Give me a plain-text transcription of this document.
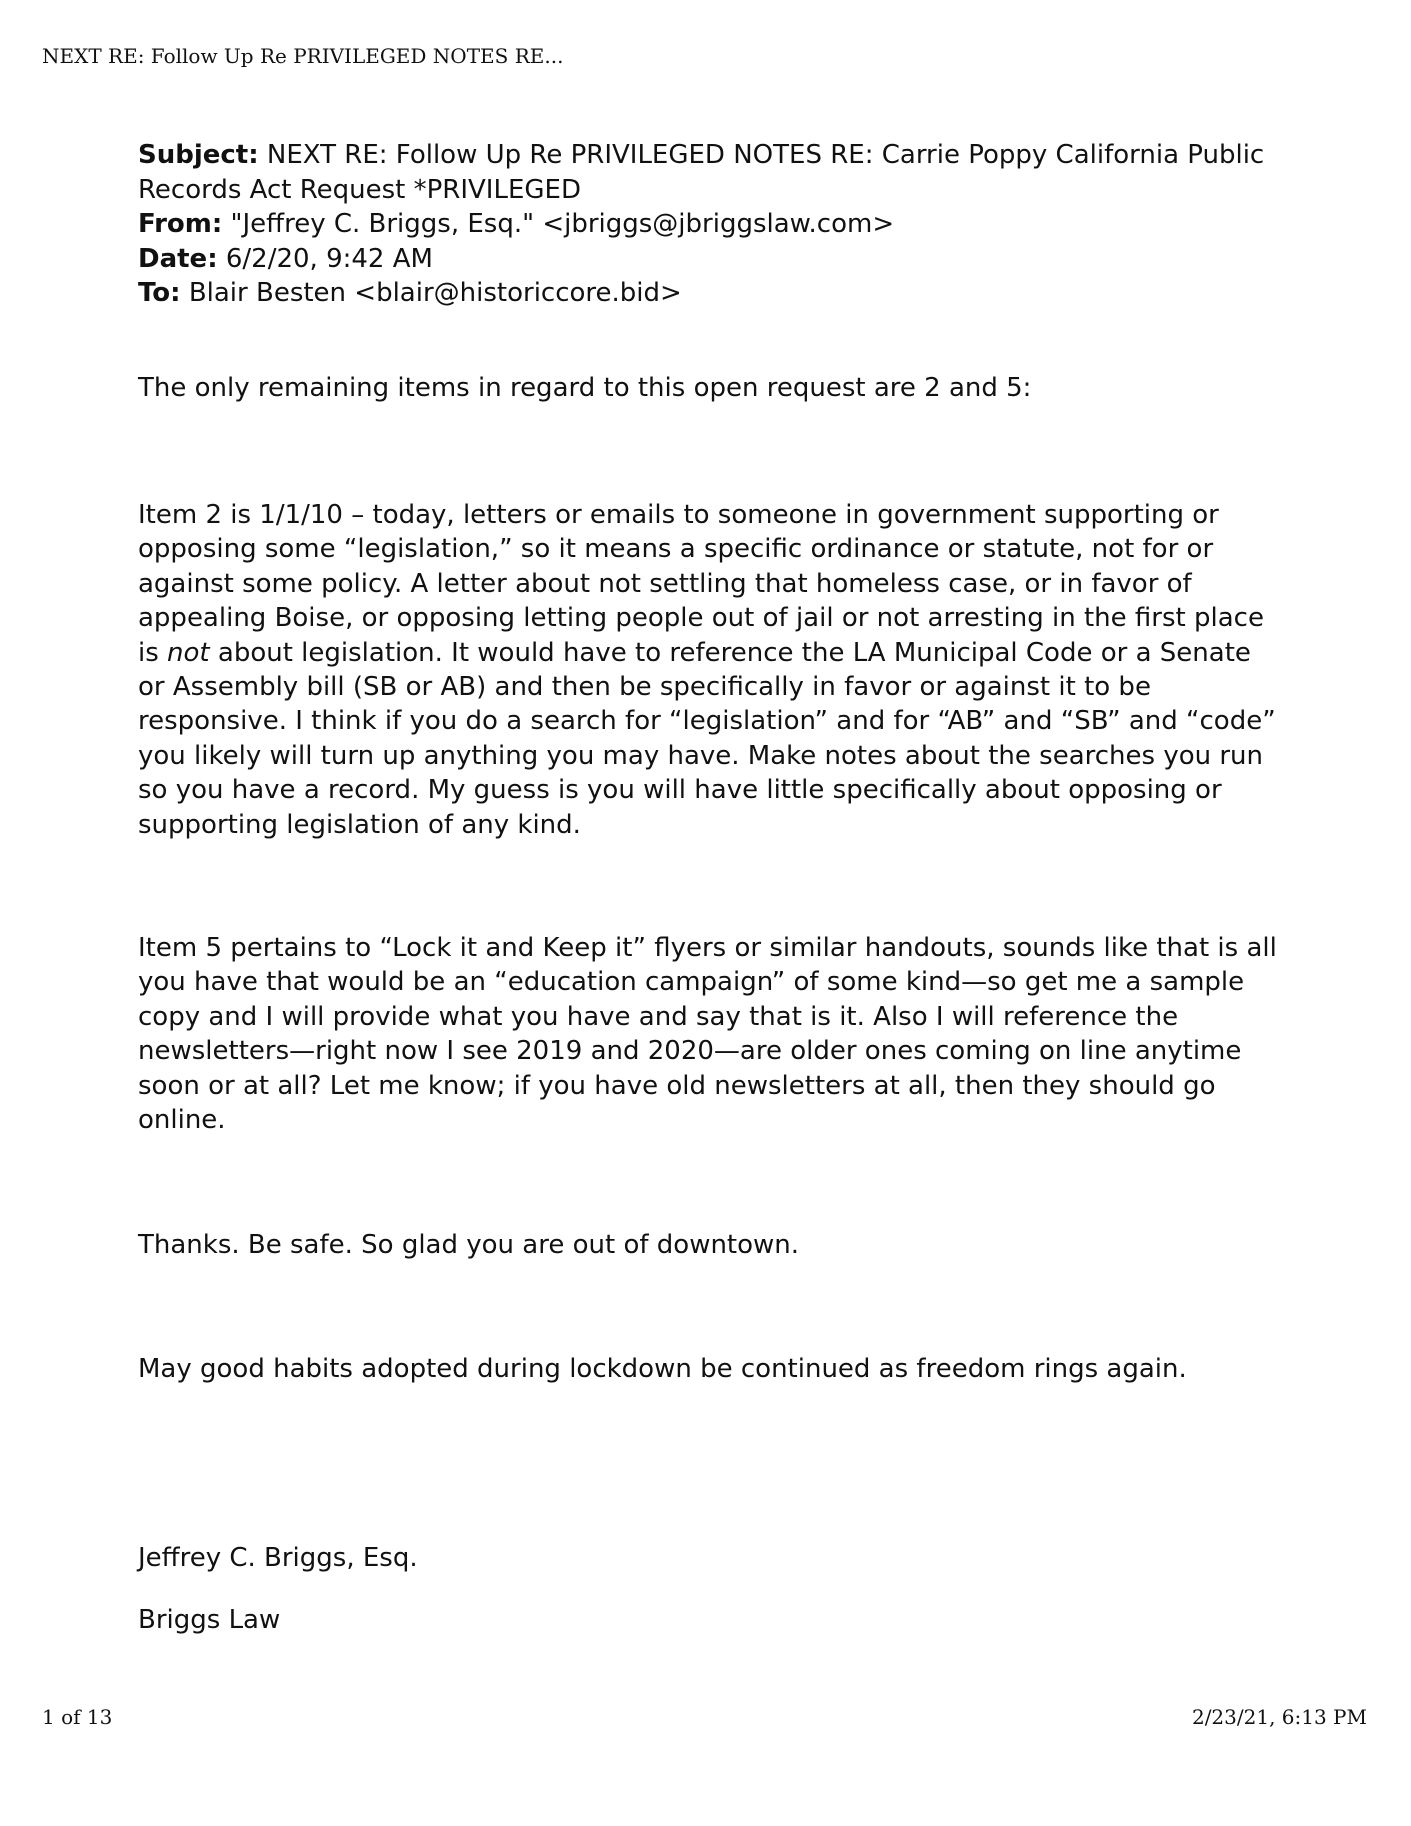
NEXT RE: Follow Up Re PRIVILEGED NOTES RE...
Subject: NEXT RE: Follow Up Re PRIVILEGED NOTES RE: Carrie Poppy California Public Records Act Request *PRIVILEGED
From: "Jeffrey C. Briggs, Esq." <jbriggs@jbriggslaw.com>
Date: 6/2/20, 9:42 AM
To: Blair Besten <blair@historiccore.bid>
The only remaining items in regard to this open request are 2 and 5:
Item 2 is 1/1/10 – today, letters or emails to someone in government supporting or opposing some “legislation,” so it means a specific ordinance or statute, not for or against some policy. A letter about not settling that homeless case, or in favor of appealing Boise, or opposing letting people out of jail or not arresting in the first place is not about legislation. It would have to reference the LA Municipal Code or a Senate or Assembly bill (SB or AB) and then be specifically in favor or against it to be responsive. I think if you do a search for “legislation” and for “AB” and “SB” and “code” you likely will turn up anything you may have. Make notes about the searches you run so you have a record. My guess is you will have little specifically about opposing or supporting legislation of any kind.
Item 5 pertains to “Lock it and Keep it” flyers or similar handouts, sounds like that is all you have that would be an “education campaign” of some kind—so get me a sample copy and I will provide what you have and say that is it. Also I will reference the newsletters—right now I see 2019 and 2020—are older ones coming on line anytime soon or at all? Let me know; if you have old newsletters at all, then they should go online.
Thanks. Be safe. So glad you are out of downtown.
May good habits adopted during lockdown be continued as freedom rings again.
Jeffrey C. Briggs, Esq.
Briggs Law
1 of 13	2/23/21, 6:13 PM
